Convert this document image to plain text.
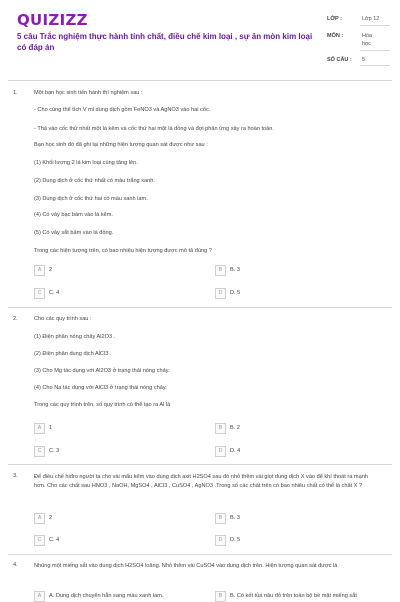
QUIZIZZ
5 câu Trắc nghiệm thực hành tính chất, điều chế kim loại , sự ăn mòn kim loại có đáp án
LỚP :	Lớp 12
MÔN :	Hóa học
SỐ CÂU : 5
1.	Một bạn học sinh tiến hành thí nghiệm sau :
- Cho cùng thể tích V ml dung dịch gồm FeNO3 và AgNO3 vào hai cốc.
- Thả vào cốc thứ nhất một lá kẽm và cốc thứ hai một lá đồng và đợi phản ứng xảy ra hoàn toàn.
Bạn học sinh đó đã ghi lại những hiện tượng quan sát được như sau :
(1) Khối lượng 2 lá kim loại cùng tăng lên.
(2) Dung dịch ở cốc thứ nhất có màu trắng xanh.
(3) Dung dịch ở cốc thứ hai có màu xanh lam.
(4) Có vảy bạc bám vào lá kẽm.
(5) Có vảy sắt bám vào lá đồng.
Trong các hiện tượng trên, có bao nhiêu hiện tượng được mô tả đúng ?
A	2	B	B. 3
C	C. 4	D	D. 5
2.	Cho các quy trình sau :
(1) Điện phân nóng chảy Al2O3 .
(2) Điện phân dung dịch AlCl3 .
(3) Cho Mg tác dụng với Al2O3 ở trạng thái nóng chảy.
(4) Cho Na tác dụng với AlCl3 ở trạng thái nóng chảy.
Trong các quy trình trên, số quy trình có thể tạo ra Al là
A	1	B	B. 2
C	C. 3	D	D. 4
3.	Để điều chế hiđro người ta cho vài mẩu kẽm vào dung dịch axit H2SO4 sau đó nhỏ thêm vài giọt dung dịch X vào để khí thoát ra mạnh hơn. Cho các chất sau HNO3 , NaOH, MgSO4 , AlCl3 , CuSO4 , AgNO3 .Trong số các chất trên có bao nhiêu chất có thể là chất X ?
A	2	B	B. 3
C	C. 4	D	D. 5
4.	Nhúng một miếng sắt vào dung dịch H2SO4 loãng. Nhỏ thêm vài CuSO4 vào dung dịch trên. Hiện tượng quan sát được là
A	A. Dung dịch chuyển hẳn sang màu xanh lam.	B	B. Có kết tủa nâu đỏ trên toàn bộ bề mặt miếng sắt
